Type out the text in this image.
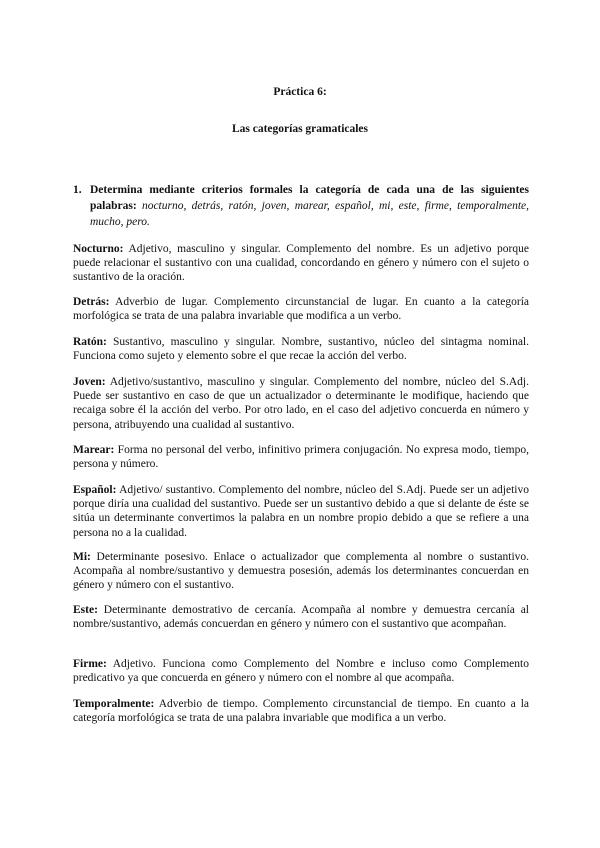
Práctica 6:
Las categorías gramaticales
1. Determina mediante criterios formales la categoría de cada una de las siguientes palabras: nocturno, detrás, ratón, joven, marear, español, mi, este, firme, temporalmente, mucho, pero.
Nocturno: Adjetivo, masculino y singular. Complemento del nombre. Es un adjetivo porque puede relacionar el sustantivo con una cualidad, concordando en género y número con el sujeto o sustantivo de la oración.
Detrás: Adverbio de lugar. Complemento circunstancial de lugar. En cuanto a la categoría morfológica se trata de una palabra invariable que modifica a un verbo.
Ratón: Sustantivo, masculino y singular. Nombre, sustantivo, núcleo del sintagma nominal. Funciona como sujeto y elemento sobre el que recae la acción del verbo.
Joven: Adjetivo/sustantivo, masculino y singular. Complemento del nombre, núcleo del S.Adj. Puede ser sustantivo en caso de que un actualizador o determinante le modifique, haciendo que recaiga sobre él la acción del verbo. Por otro lado, en el caso del adjetivo concuerda en número y persona, atribuyendo una cualidad al sustantivo.
Marear: Forma no personal del verbo, infinitivo primera conjugación. No expresa modo, tiempo, persona y número.
Español: Adjetivo/ sustantivo. Complemento del nombre, núcleo del S.Adj. Puede ser un adjetivo porque diría una cualidad del sustantivo. Puede ser un sustantivo debido a que si delante de éste se sitúa un determinante convertimos la palabra en un nombre propio debido a que se refiere a una persona no a la cualidad.
Mi: Determinante posesivo. Enlace o actualizador que complementa al nombre o sustantivo. Acompaña al nombre/sustantivo y demuestra posesión, además los determinantes concuerdan en género y número con el sustantivo.
Este: Determinante demostrativo de cercanía. Acompaña al nombre y demuestra cercanía al nombre/sustantivo, además concuerdan en género y número con el sustantivo que acompañan.
Firme: Adjetivo. Funciona como Complemento del Nombre e incluso como Complemento predicativo ya que concuerda en género y número con el nombre al que acompaña.
Temporalmente: Adverbio de tiempo. Complemento circunstancial de tiempo. En cuanto a la categoría morfológica se trata de una palabra invariable que modifica a un verbo.
